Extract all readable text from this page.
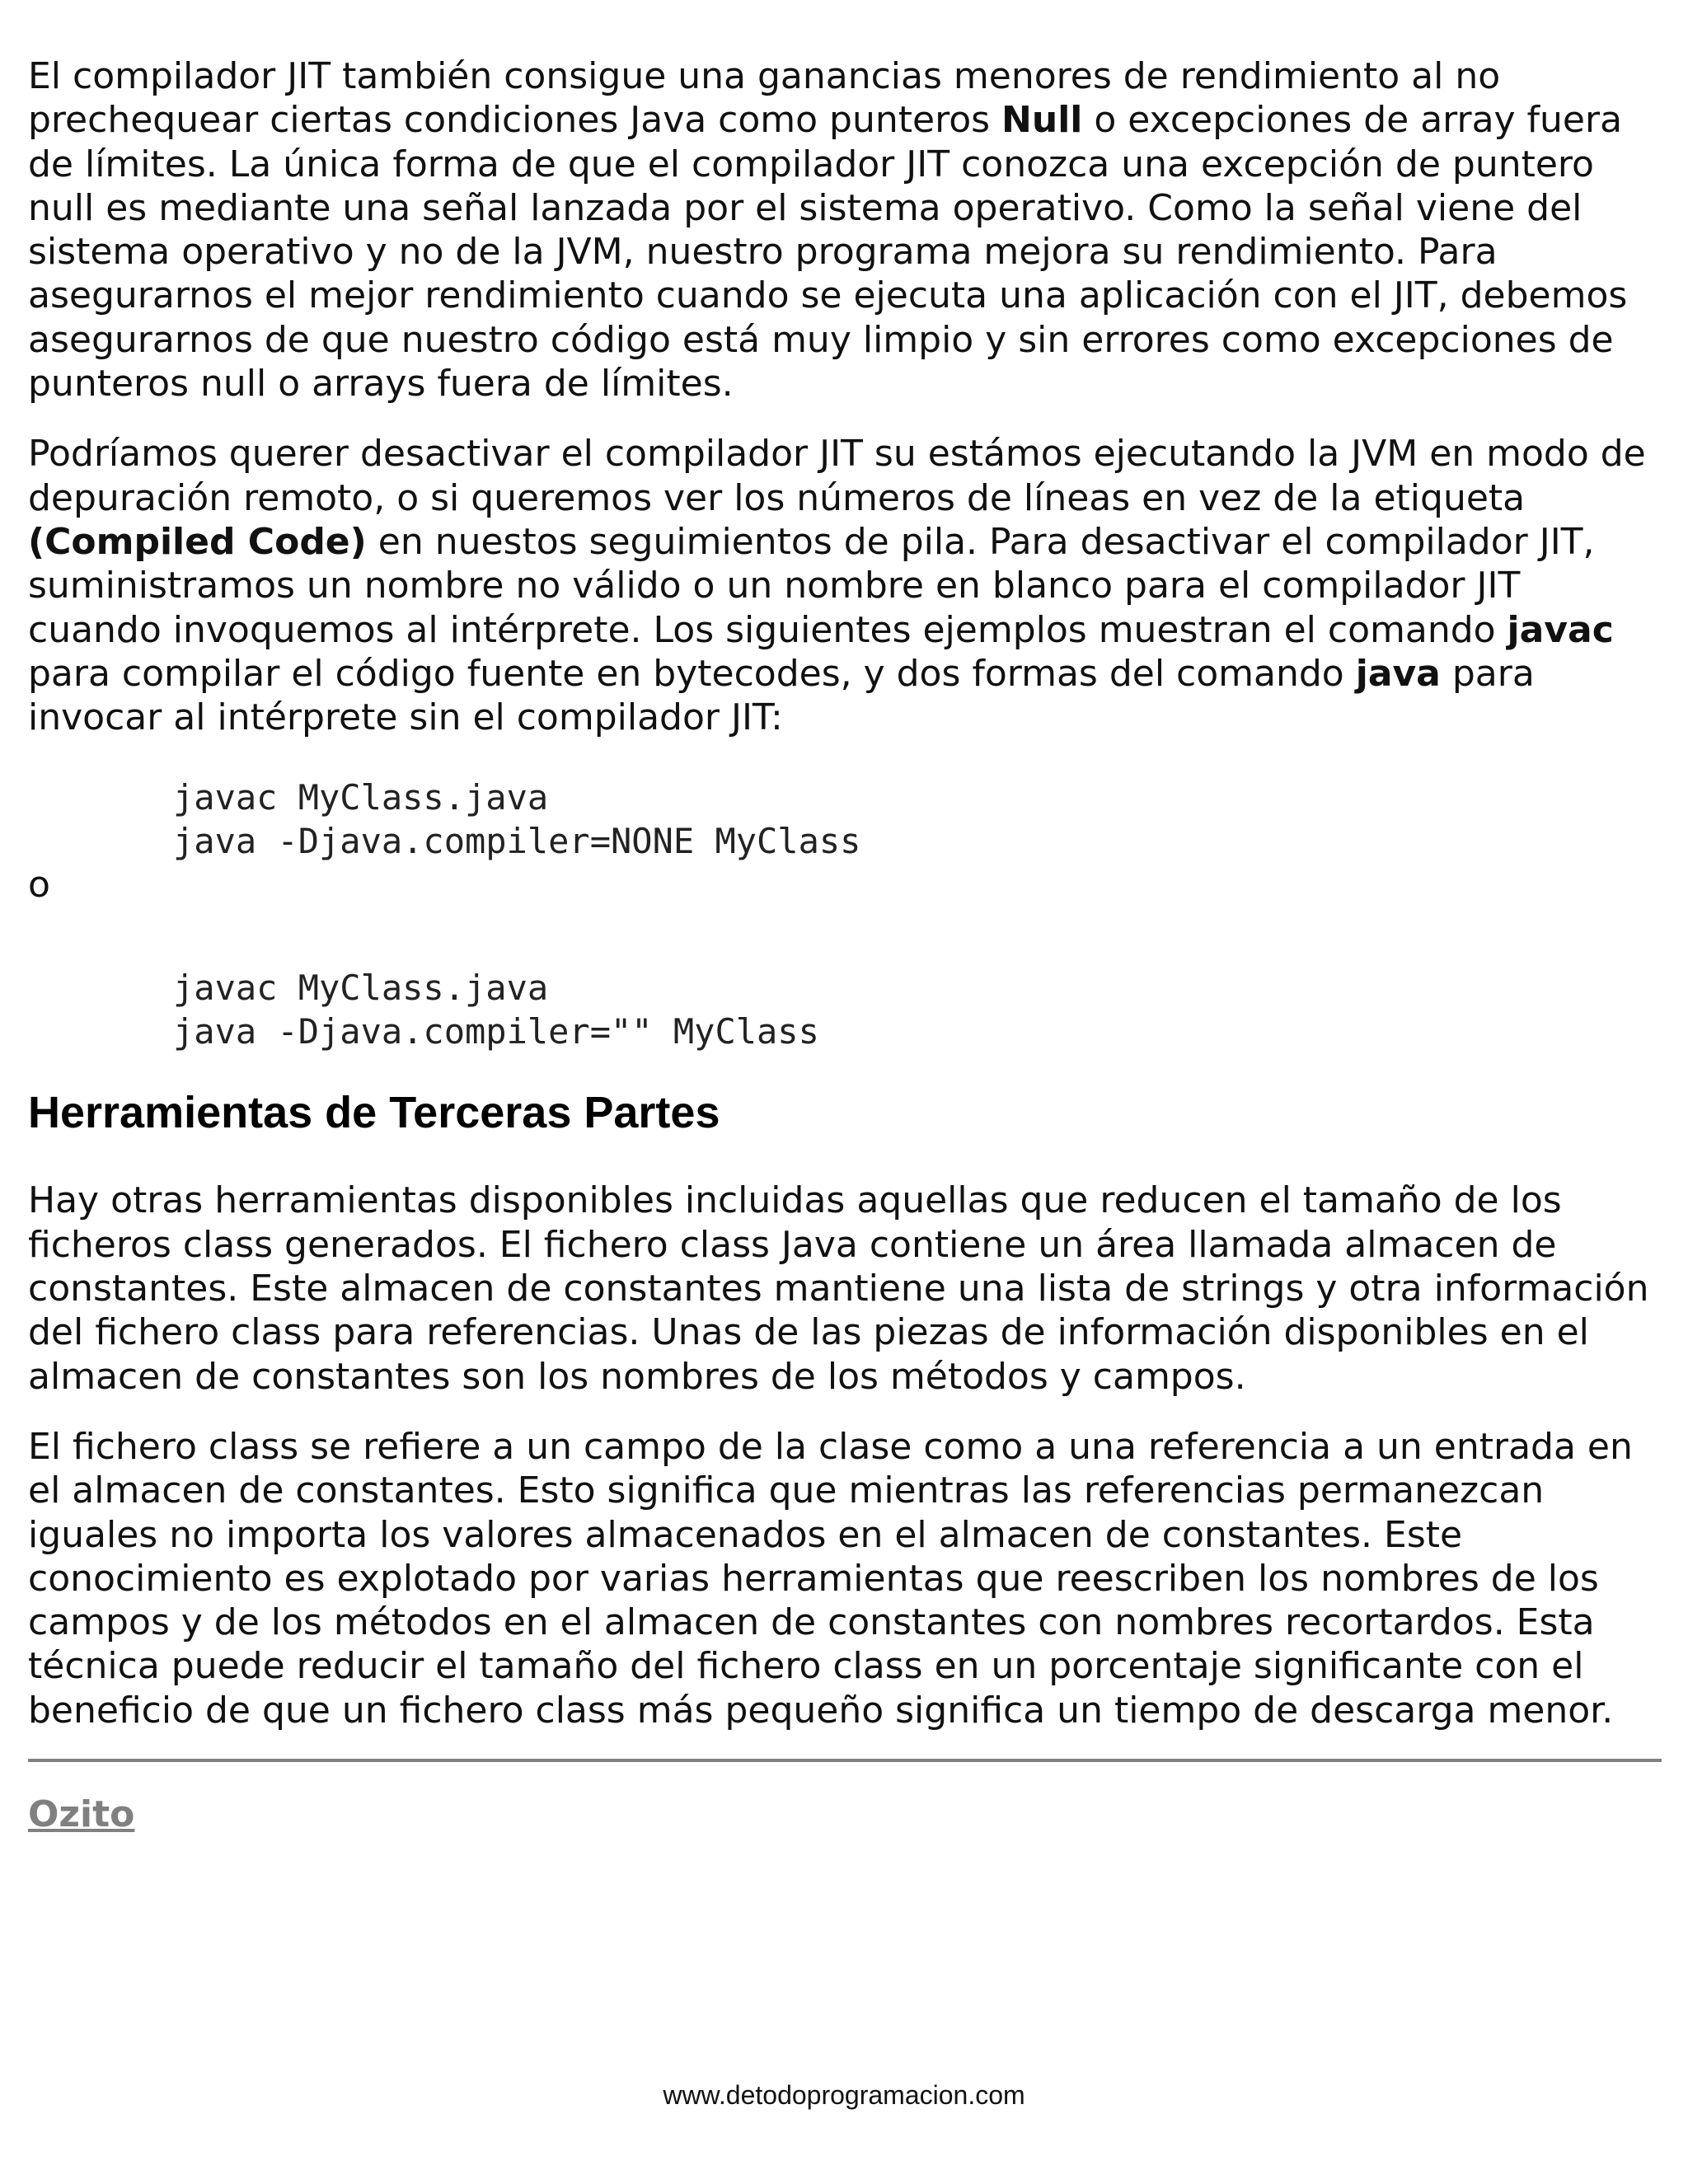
El compilador JIT también consigue una ganancias menores de rendimiento al no prechequear ciertas condiciones Java como punteros Null o excepciones de array fuera de límites. La única forma de que el compilador JIT conozca una excepción de puntero null es mediante una señal lanzada por el sistema operativo. Como la señal viene del sistema operativo y no de la JVM, nuestro programa mejora su rendimiento. Para asegurarnos el mejor rendimiento cuando se ejecuta una aplicación con el JIT, debemos asegurarnos de que nuestro código está muy limpio y sin errores como excepciones de punteros null o arrays fuera de límites.

Podríamos querer desactivar el compilador JIT su estámos ejecutando la JVM en modo de depuración remoto, o si queremos ver los números de líneas en vez de la etiqueta (Compiled Code) en nuestos seguimientos de pila. Para desactivar el compilador JIT, suministramos un nombre no válido o un nombre en blanco para el compilador JIT cuando invoquemos al intérprete. Los siguientes ejemplos muestran el comando javac para compilar el código fuente en bytecodes, y dos formas del comando java para invocar al intérprete sin el compilador JIT:

javac MyClass.java
java -Djava.compiler=NONE MyClass
o
javac MyClass.java
java -Djava.compiler="" MyClass
Herramientas de Terceras Partes

Hay otras herramientas disponibles incluidas aquellas que reducen el tamaño de los ficheros class generados. El fichero class Java contiene un área llamada almacen de constantes. Este almacen de constantes mantiene una lista de strings y otra información del fichero class para referencias. Unas de las piezas de información disponibles en el almacen de constantes son los nombres de los métodos y campos.

El fichero class se refiere a un campo de la clase como a una referencia a un entrada en el almacen de constantes. Esto significa que mientras las referencias permanezcan iguales no importa los valores almacenados en el almacen de constantes. Este conocimiento es explotado por varias herramientas que reescriben los nombres de los campos y de los métodos en el almacen de constantes con nombres recortardos. Esta técnica puede reducir el tamaño del fichero class en un porcentaje significante con el beneficio de que un fichero class más pequeño significa un tiempo de descarga menor.

Ozito
www.detodoprogramacion.com
